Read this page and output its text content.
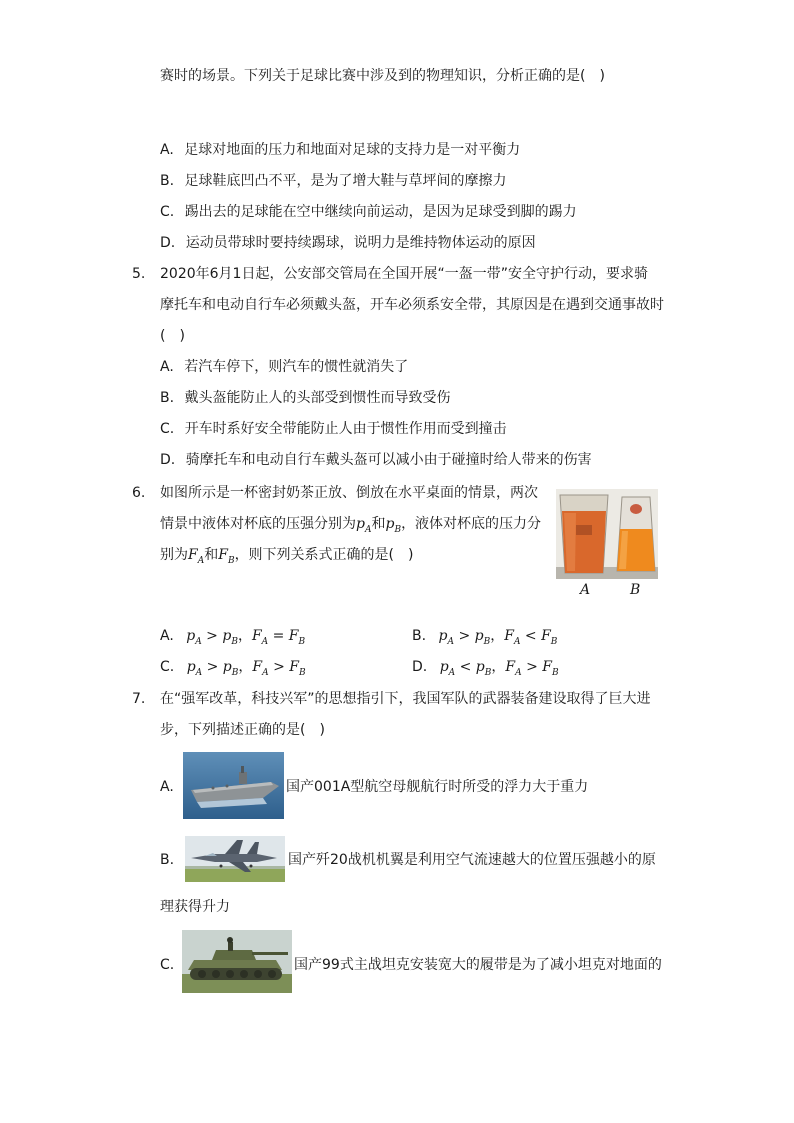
赛时的场景。下列关于足球比赛中涉及到的物理知识，分析正确的是(　)
A. 足球对地面的压力和地面对足球的支持力是一对平衡力
B. 足球鞋底凹凸不平，是为了增大鞋与草坪间的摩擦力
C. 踢出去的足球能在空中继续向前运动，是因为足球受到脚的踢力
D. 运动员带球时要持续踢球，说明力是维持物体运动的原因
5. 2020年6月1日起，公安部交管局在全国开展“一盔一带”安全守护行动，要求骑
摩托车和电动自行车必须戴头盔，开车必须系安全带，其原因是在遇到交通事故时
(　)
A. 若汽车停下，则汽车的惯性就消失了
B. 戴头盔能防止人的头部受到惯性而导致受伤
C. 开车时系好安全带能防止人由于惯性作用而受到撞击
D. 骑摩托车和电动自行车戴头盔可以减小由于碰撞时给人带来的伤害
6. 如图所示是一杯密封奶茶正放、倒放在水平桌面的情景，两次
情景中液体对杯底的压强分别为$p_A$和$p_B$，液体对杯底的压力分
别为$F_A$和$F_B$，则下列关系式正确的是(　)
A	B
A. $p_A > p_B$，$F_A = F_B$	B. $p_A > p_B$，$F_A < F_B$
C. $p_A > p_B$，$F_A > F_B$	D. $p_A < p_B$，$F_A > F_B$
7. 在“强军改革，科技兴军”的思想指引下，我国军队的武器装备建设取得了巨大进
步，下列描述正确的是(　)
A.	国产001A型航空母舰航行时所受的浮力大于重力
B.	国产歼20战机机翼是利用空气流速越大的位置压强越小的原
理获得升力
C.	国产99式主战坦克安装宽大的履带是为了减小坦克对地面的
